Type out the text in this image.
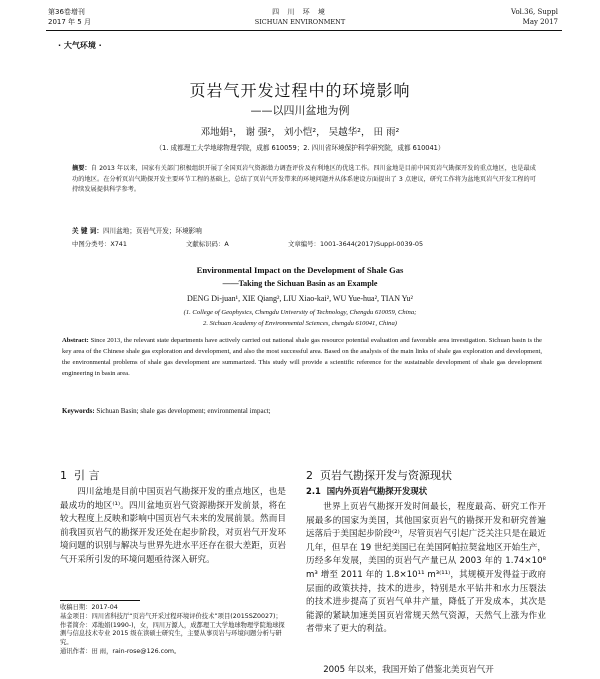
第36卷增刊
2017 年 5 月
四 川 环 境
SICHUAN ENVIRONMENT
Vol.36, Suppl
May 2017
· 大气环境 ·
页岩气开发过程中的环境影响
——以四川盆地为例
邓地娟¹， 谢 强²， 刘小恺²， 吴越华²， 田 雨²
（1. 成都理工大学地球物理学院，成都 610059；2. 四川省环境保护科学研究院，成都 610041）
摘要：自 2013 年以来，国家有关部门积极组织开展了全国页岩气资源潜力调查评价及有利地区的优选工作。四川盆地是目前中国页岩气勘探开发的重点地区，也是最成功的地区。在分析页岩气勘探开发主要环节工程的基础上，总结了页岩气开发带来的环境问题并从体系建设方面提出了 3 点建议，研究工作将为盆地页岩气开发工程的可持续发展提供科学参考。
关 键 词：四川盆地；页岩气开发；环境影响
中图分类号：X741	文献标识码：A	文章编号：1001-3644(2017)Suppl-0039-05
Environmental Impact on the Development of Shale Gas
——Taking the Sichuan Basin as an Example
DENG Di-juan¹, XIE Qiang², LIU Xiao-kai², WU Yue-hua², TIAN Yu²
(1. College of Geophysics, Chengdu University of Technology, Chengdu 610059, China;
2. Sichuan Academy of Environmental Sciences, chengdu 610041, China)
Abstract: Since 2013, the relevant state departments have actively carried out national shale gas resource potential evaluation and favorable area investigation. Sichuan basin is the key area of the Chinese shale gas exploration and development, and also the most successful area. Based on the analysis of the main links of shale gas exploration and development, the environmental problems of shale gas development are summarized. This study will provide a scientific reference for the sustainable development of shale gas development engineering in basin area.
Keywords: Sichuan Basin; shale gas development; environmental impact;
1 引 言
四川盆地是目前中国页岩气勘探开发的重点地区，也是最成功的地区⁽¹⁾。四川盆地页岩气资源勘探开发前景，将在较大程度上反映和影响中国页岩气未来的发展前景。然而目前我国页岩气的勘探开发还处在起步阶段，对页岩气开发环境问题的识别与解决与世界先进水平还存在很大差距，页岩气开采所引发的环境问题亟待深入研究。
收稿日期：2017-04
基金项目：四川省科技厅“页岩气开采过程环境评价技术”项目(2015SZ0027)；
作者简介：邓地娟(1990-)，女，四川万源人，成都理工大学地球物理学院地球探测与信息技术专业 2015 级在读硕士研究生，主要从事页岩与环境问题分析与研究。
通讯作者：田 雨，rain-rose@126.com。
2 页岩气勘探开发与资源现状
2.1 国内外页岩气勘探开发现状
世界上页岩气勘探开发时间最长，程度最高、研究工作开展最多的国家为美国，其他国家页岩气的勘探开发和研究普遍远落后于美国起步阶段⁽²⁾，尽管页岩气引起广泛关注只是在最近几年，但早在 19 世纪美国已在美国阿帕拉契盆地区开始生产，历经多年发展，美国的页岩气产量已从 2003 年的 1.74×10⁸ m³ 增至 2011 年的 1.8×10¹¹ m³⁽¹¹⁾，其规模开发得益于政府层面的政策扶持，技术的进步，特别是水平钻井和水力压裂法的技术进步提高了页岩气单井产量，降低了开发成本，其次是能源的紧缺加速美国页岩常规天然气资源，天然气上涨为作业者带来了更大的利益。
2005 年以来，我国开始了借鉴北美页岩气开
